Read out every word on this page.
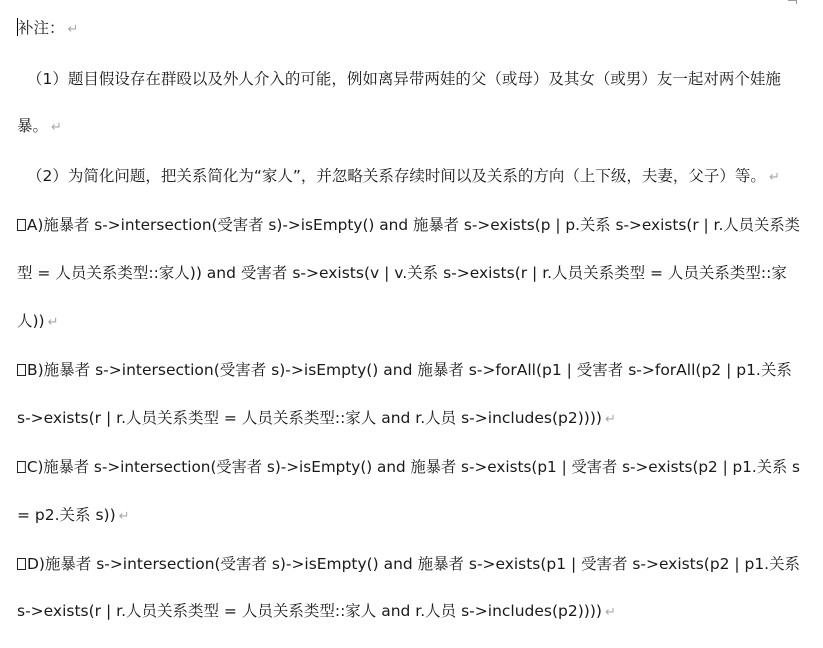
补注： ↵
（1）题目假设存在群殴以及外人介入的可能，例如离异带两娃的父（或母）及其女（或男）友一起对两个娃施
暴。 ↵
（2）为简化问题，把关系简化为“家人”，并忽略关系存续时间以及关系的方向（上下级，夫妻，父子）等。 ↵
A)施暴者 s->intersection(受害者 s)->isEmpty() and 施暴者 s->exists(p | p.关系 s->exists(r | r.人员关系类
型 = 人员关系类型::家人)) and 受害者 s->exists(v | v.关系 s->exists(r | r.人员关系类型 = 人员关系类型::家
人)) ↵
B)施暴者 s->intersection(受害者 s)->isEmpty() and 施暴者 s->forAll(p1 | 受害者 s->forAll(p2 | p1.关系
s->exists(r | r.人员关系类型 = 人员关系类型::家人 and r.人员 s->includes(p2)))) ↵
C)施暴者 s->intersection(受害者 s)->isEmpty() and 施暴者 s->exists(p1 | 受害者 s->exists(p2 | p1.关系 s
= p2.关系 s)) ↵
D)施暴者 s->intersection(受害者 s)->isEmpty() and 施暴者 s->exists(p1 | 受害者 s->exists(p2 | p1.关系
s->exists(r | r.人员关系类型 = 人员关系类型::家人 and r.人员 s->includes(p2)))) ↵
